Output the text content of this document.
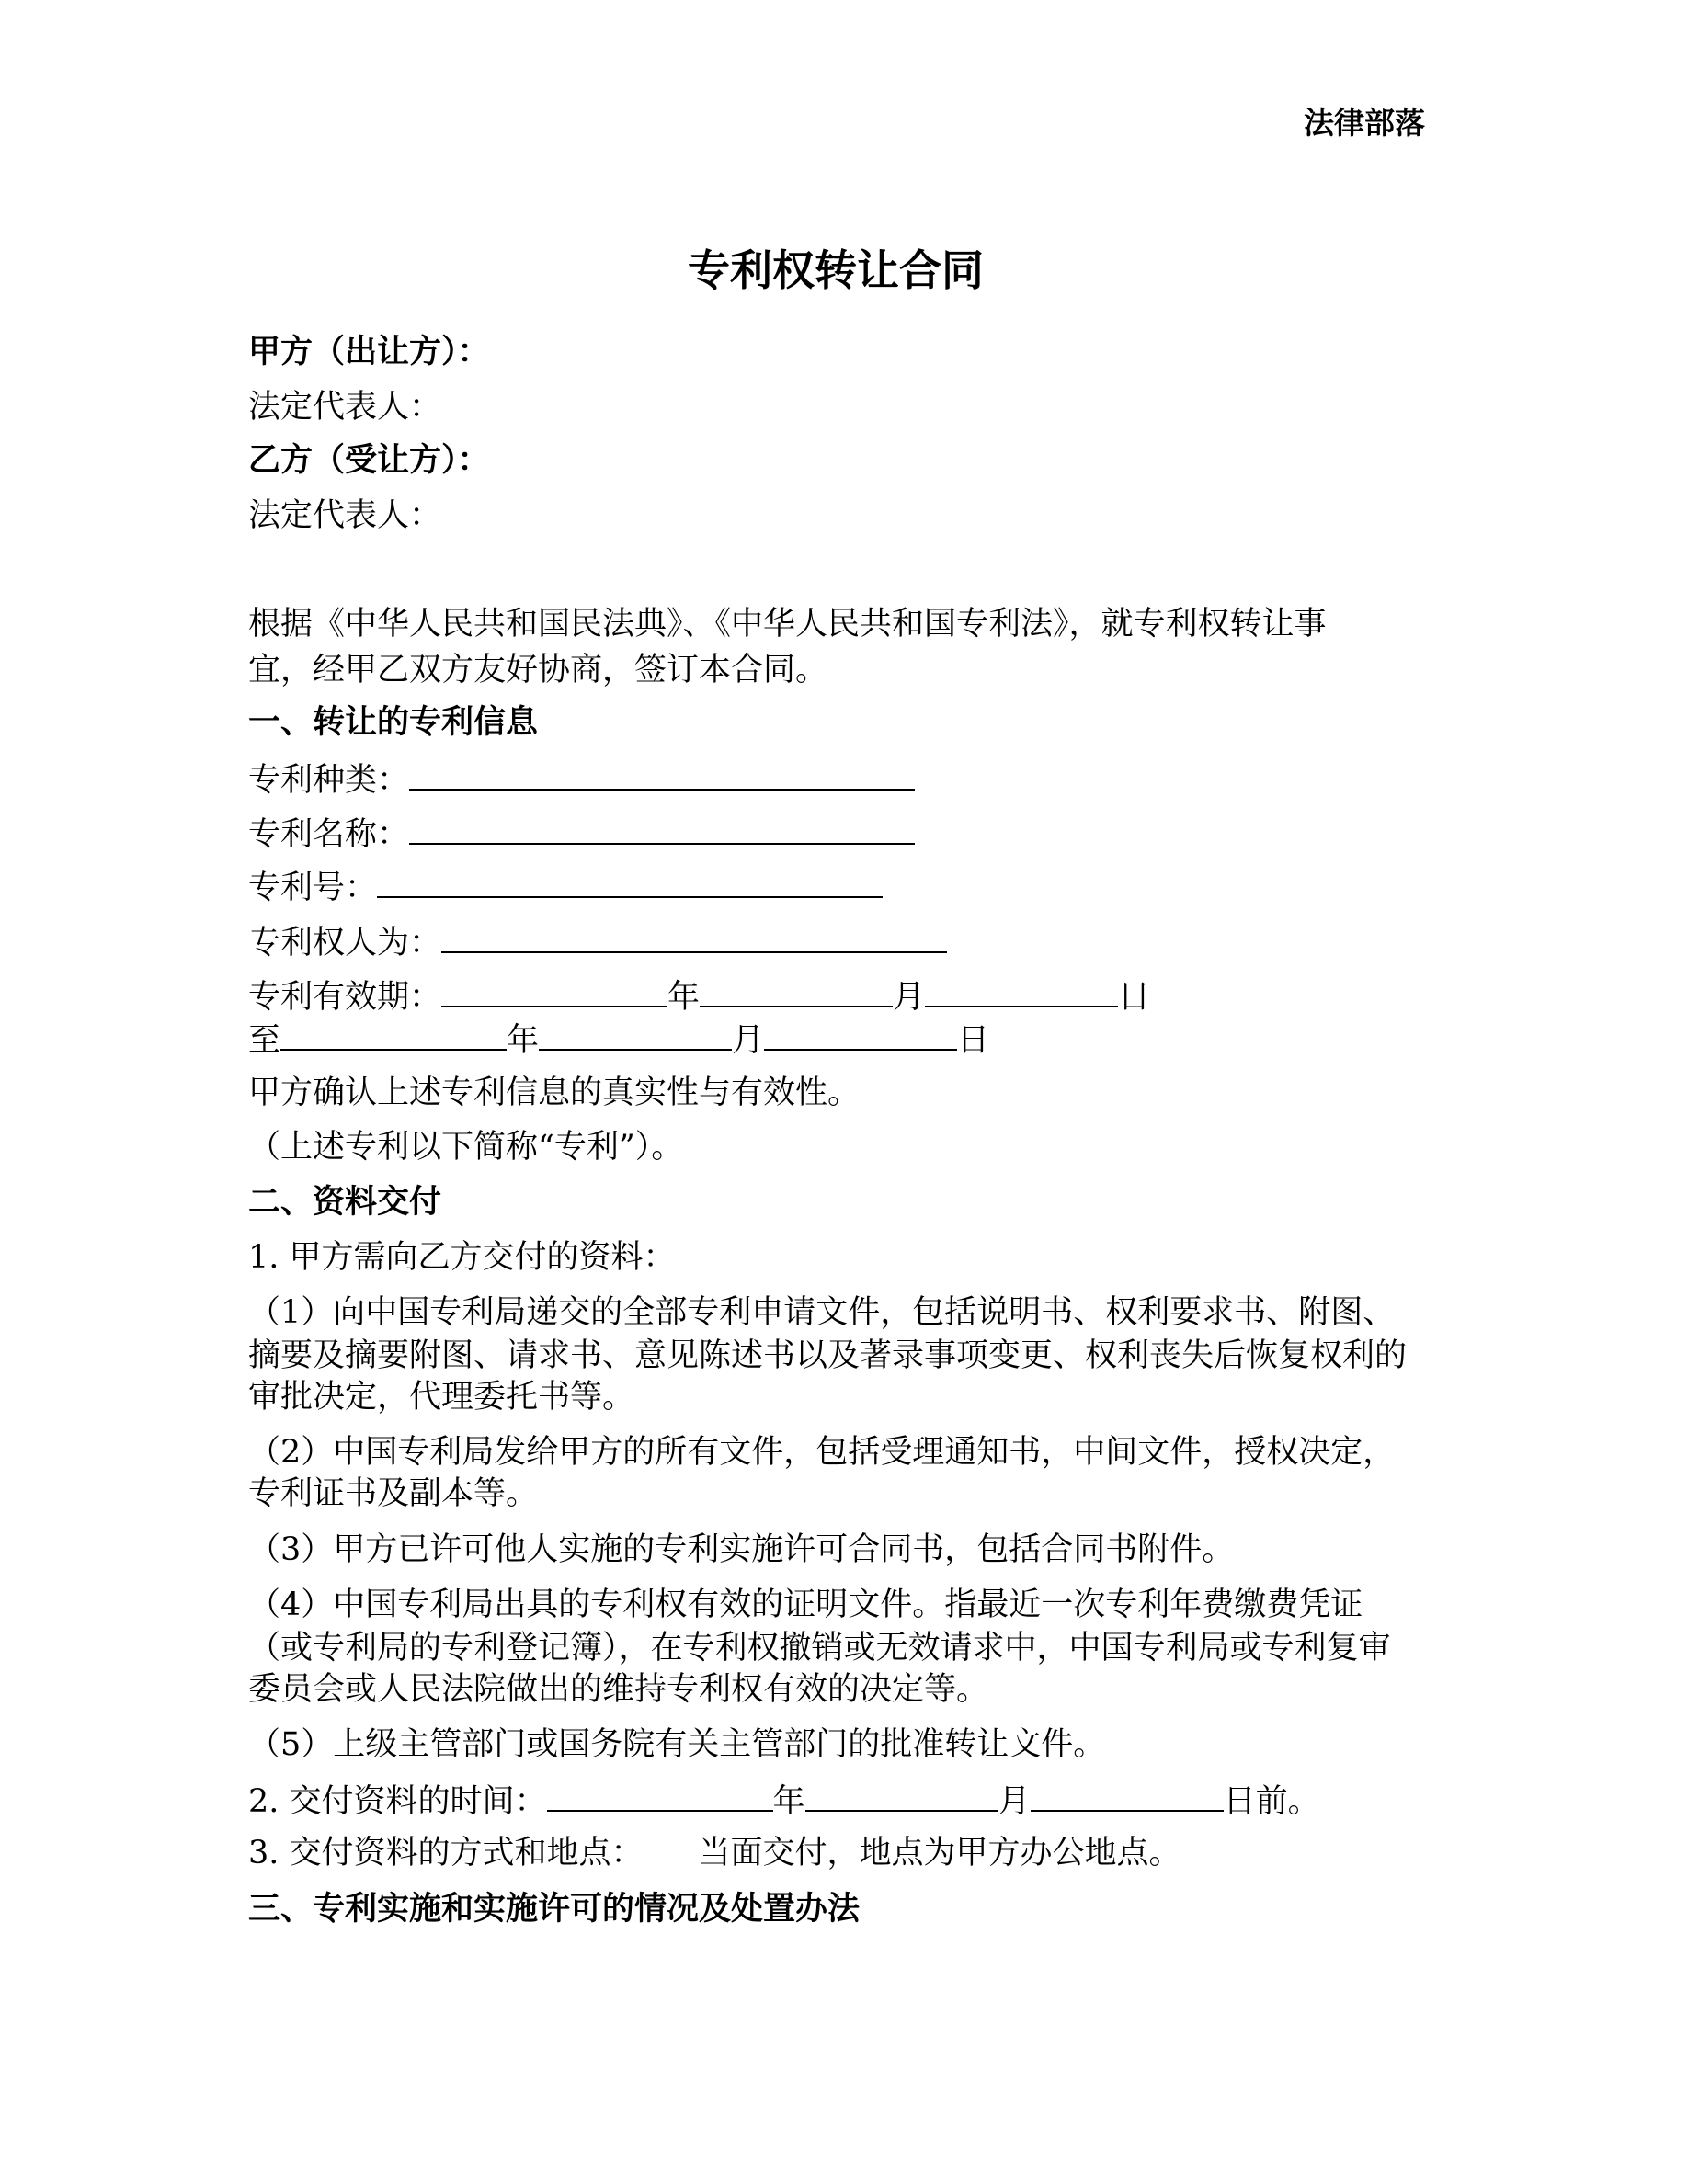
法律部落
专利权转让合同
甲方（出让方）：
法定代表人：
乙方（受让方）：
法定代表人：
根据《中华人民共和国民法典》、《中华人民共和国专利法》，就专利权转让事
宜，经甲乙双方友好协商，签订本合同。
一、转让的专利信息
专利种类：
专利名称：
专利号：
专利权人为：
专利有效期：	年	月	日
至	年	月	日
甲方确认上述专利信息的真实性与有效性。
（上述专利以下简称“专利”）。
二、资料交付
1. 甲方需向乙方交付的资料：
（1）向中国专利局递交的全部专利申请文件，包括说明书、权利要求书、附图、
摘要及摘要附图、请求书、意见陈述书以及著录事项变更、权利丧失后恢复权利的
审批决定，代理委托书等。
（2）中国专利局发给甲方的所有文件，包括受理通知书，中间文件，授权决定，
专利证书及副本等。
（3）甲方已许可他人实施的专利实施许可合同书，包括合同书附件。
（4）中国专利局出具的专利权有效的证明文件。指最近一次专利年费缴费凭证
（或专利局的专利登记簿），在专利权撤销或无效请求中，中国专利局或专利复审
委员会或人民法院做出的维持专利权有效的决定等。
（5）上级主管部门或国务院有关主管部门的批准转让文件。
2. 交付资料的时间：	年	月	日前。
3. 交付资料的方式和地点： 当面交付，地点为甲方办公地点。
三、专利实施和实施许可的情况及处置办法
